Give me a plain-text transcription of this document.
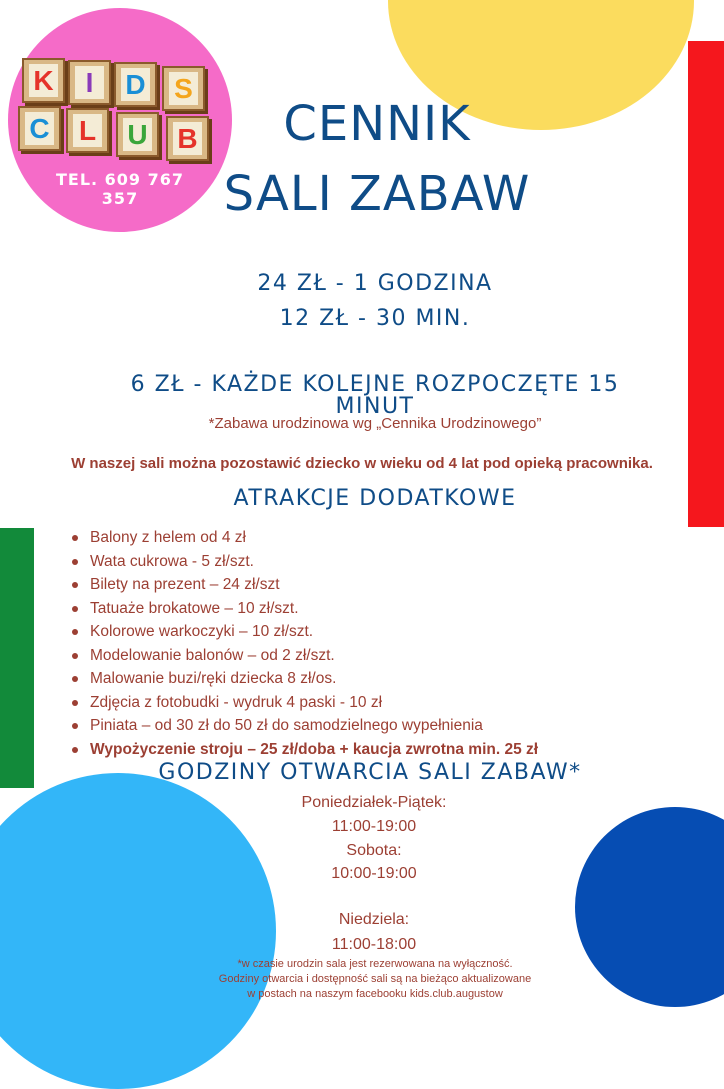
K	I	D S
C L U B
TEL. 609 767 357
CENNIK
SALI ZABAW
24 ZŁ - 1 GODZINA
12 ZŁ - 30 MIN.
6 ZŁ - KAŻDE KOLEJNE ROZPOCZĘTE 15 MINUT
*Zabawa urodzinowa wg „Cennika Urodzinowego”
W naszej sali można pozostawić dziecko w wieku od 4 lat pod opieką pracownika.
ATRAKCJE DODATKOWE
Balony z helem od 4 zł
Wata cukrowa - 5 zł/szt.
Bilety na prezent – 24 zł/szt
Tatuaże brokatowe – 10 zł/szt.
Kolorowe warkoczyki – 10 zł/szt.
Modelowanie balonów – od 2 zł/szt.
Malowanie buzi/ręki dziecka 8 zł/os.
Zdjęcia z fotobudki - wydruk 4 paski - 10 zł
Piniata – od 30 zł do 50 zł do samodzielnego wypełnienia
Wypożyczenie stroju – 25 zł/doba + kaucja zwrotna min. 25 zł
GODZINY OTWARCIA SALI ZABAW*
Poniedziałek-Piątek:
11:00-19:00
Sobota:
10:00-19:00
Niedziela:
11:00-18:00
*w czasie urodzin sala jest rezerwowana na wyłączność.
Godziny otwarcia i dostępność sali są na bieżąco aktualizowane
w postach na naszym facebooku kids.club.augustow
